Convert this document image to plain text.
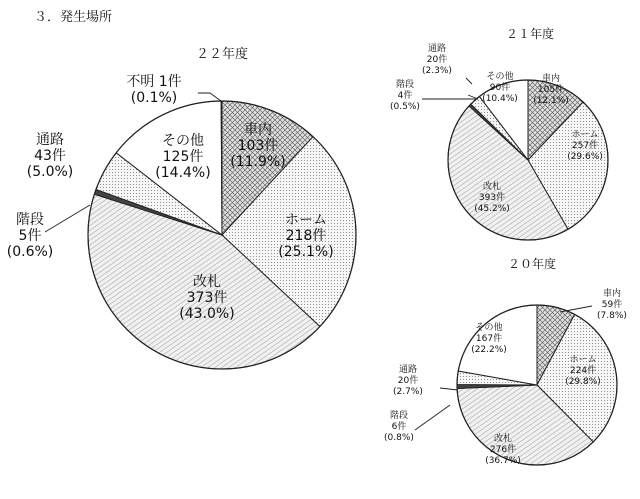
３．発生場所
車内
103件
(11.9%)
ホーム
218件
(25.1%)
改札
373件
(43.0%)
階段
5件
(0.6%)
通路
43件
(5.0%)
その他
125件
(14.4%)
不明 1件
(0.1%)
２２年度
車内
105件
(12.1%)
ホーム
257件
(29.6%)
改札
393件
(45.2%)
階段
4件
(0.5%)
通路
20件
(2.3%)
その他
90件
(10.4%)
２１年度
車内
59件
(7.8%)
ホーム
224件
(29.8%)
改札
276件
(36.7%)
階段
6件
(0.8%)
通路
20件
(2.7%)
その他
167件
(22.2%)
２０年度
